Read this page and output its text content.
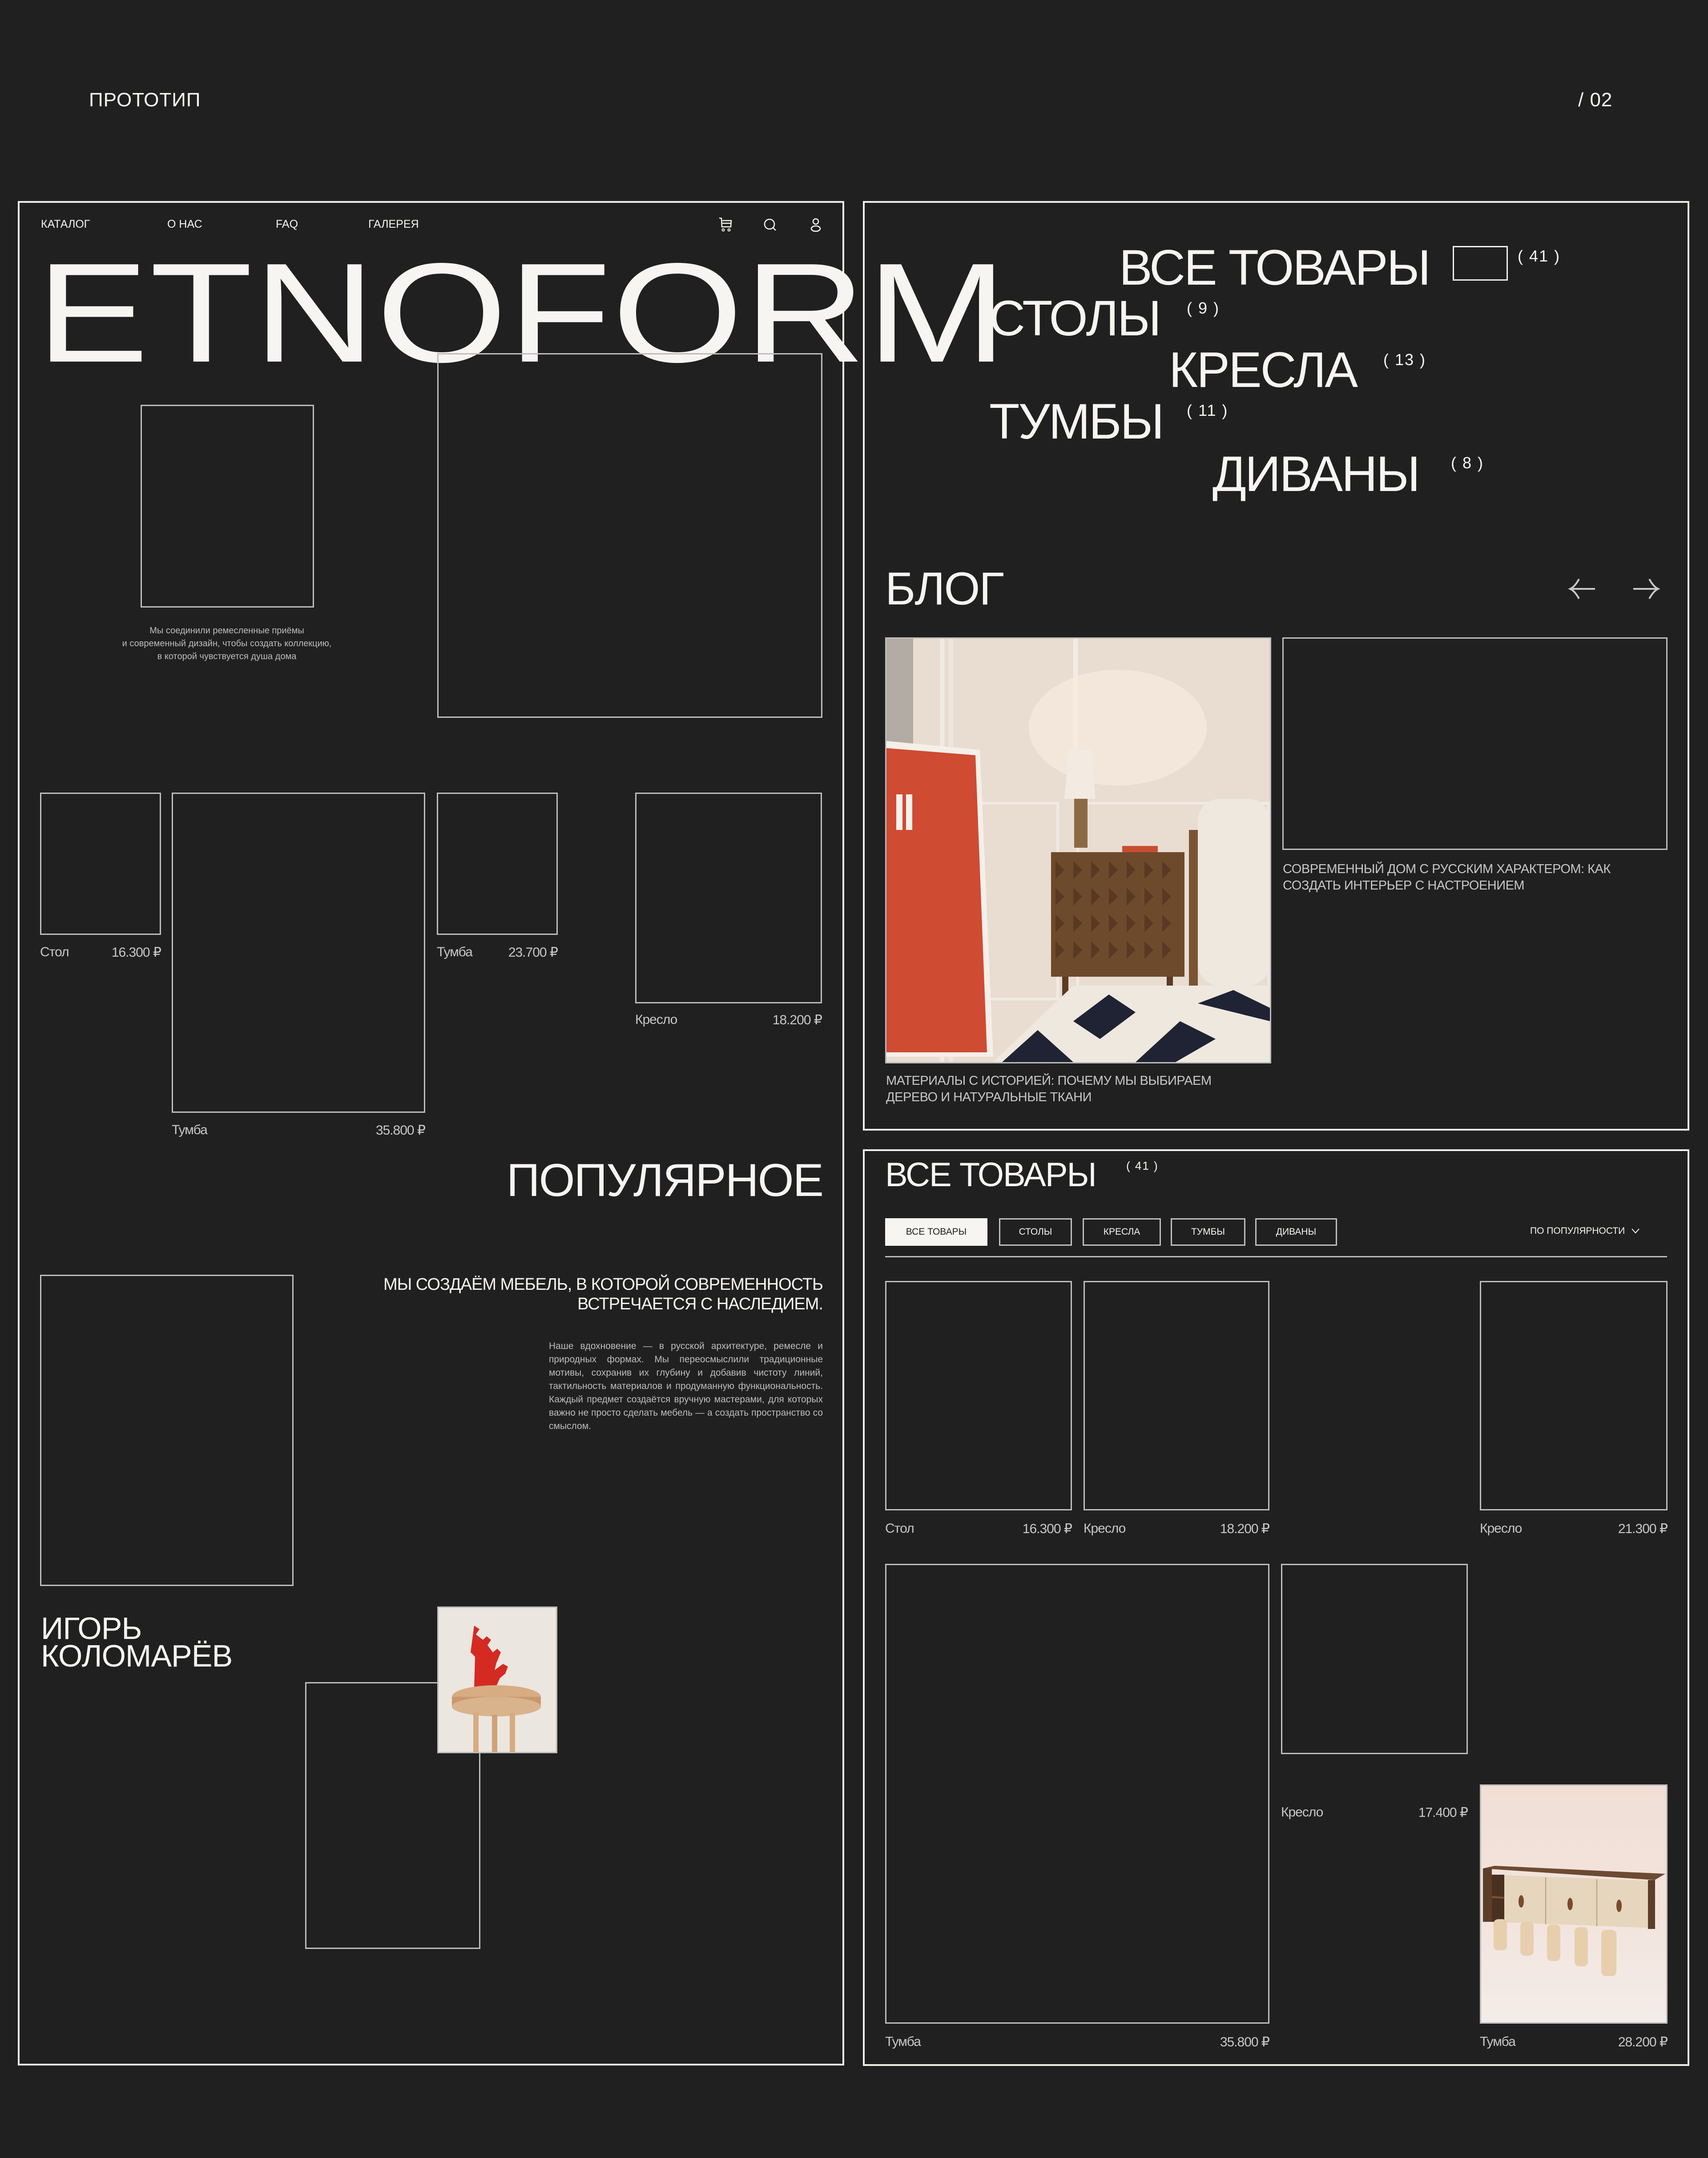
ПРОТОТИП	/ 02
КАТАЛОГ	О НАС	FAQ	ГАЛЕРЕЯ
ETNOFORM
Мы соединили ремесленные приёмы
и современный дизайн, чтобы создать коллекцию,
в которой чувствуется душа дома
Стол	16.300 ₽
Тумба	35.800 ₽
Тумба	23.700 ₽
Кресло	18.200 ₽
ПОПУЛЯРНОЕ
МЫ СОЗДАЁМ МЕБЕЛЬ, В КОТОРОЙ СОВРЕМЕННОСТЬ
ВСТРЕЧАЕТСЯ С НАСЛЕДИЕМ.
Наше вдохновение — в русской архитектуре, ремесле и природных формах. Мы переосмыслили традиционные мотивы, сохранив их глубину и добавив чистоту линий, тактильность материалов и продуманную функциональность. Каждый предмет создаётся вручную мастерами, для которых важно не просто сделать мебель — а создать пространство со смыслом.
ИГОРЬ
КОЛОМАРЁВ
ВСЕ ТОВАРЫ	( 41 )
СТОЛЫ ( 9 )
КРЕСЛА ( 13 )
ТУМБЫ ( 11 )
ДИВАНЫ ( 8 )
БЛОГ
МАТЕРИАЛЫ С ИСТОРИЕЙ: ПОЧЕМУ МЫ ВЫБИРАЕМ
ДЕРЕВО И НАТУРАЛЬНЫЕ ТКАНИ
СОВРЕМЕННЫЙ ДОМ С РУССКИМ ХАРАКТЕРОМ: КАК
СОЗДАТЬ ИНТЕРЬЕР С НАСТРОЕНИЕМ
ВСЕ ТОВАРЫ	( 41 )
ВСЕ ТОВАРЫ	СТОЛЫ	КРЕСЛА	ТУМБЫ	ДИВАНЫ	ПО ПОПУЛЯРНОСТИ
Стол	16.300 ₽ Кресло	18.200 ₽	Кресло	21.300 ₽
Тумба	35.800 ₽
Кресло	17.400 ₽
Тумба	28.200 ₽
